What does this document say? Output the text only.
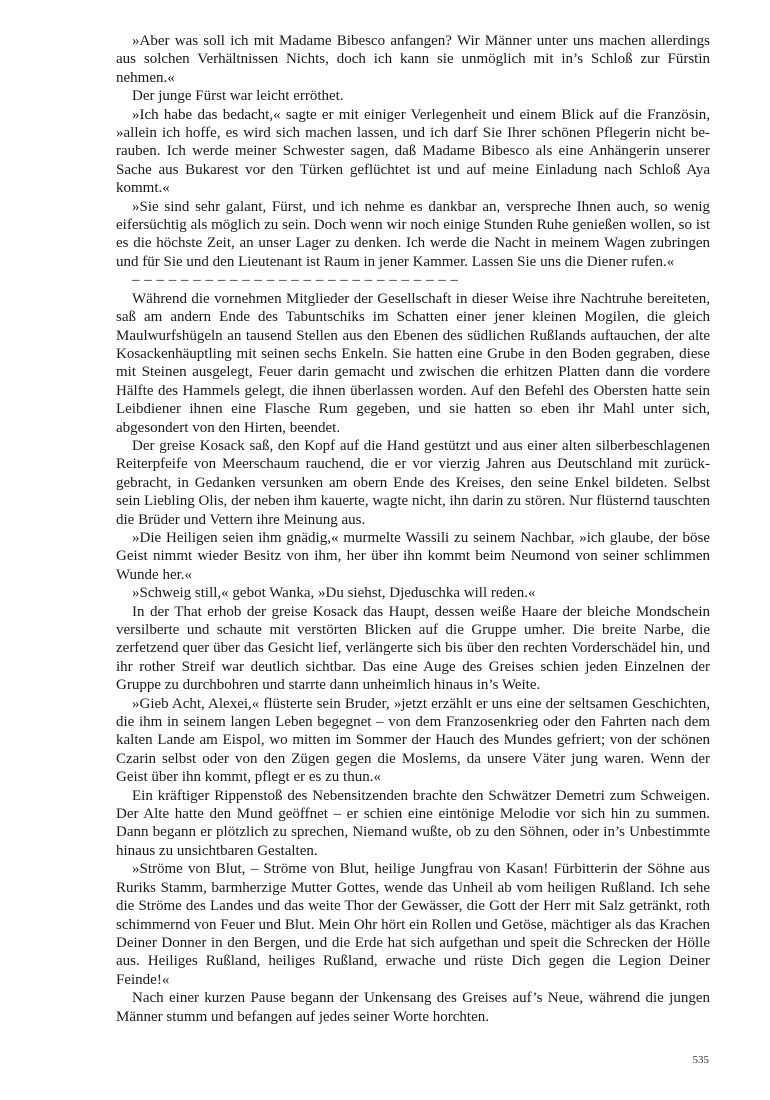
»Aber was soll ich mit Madame Bibesco anfangen? Wir Männer unter uns machen allerdings aus solchen Verhältnissen Nichts, doch ich kann sie unmöglich mit in’s Schloß zur Fürstin nehmen.«

Der junge Fürst war leicht erröthet.

»Ich habe das bedacht,« sagte er mit einiger Verlegenheit und einem Blick auf die Französin, »allein ich hoffe, es wird sich machen lassen, und ich darf Sie Ihrer schönen Pflegerin nicht berauben. Ich werde meiner Schwester sagen, daß Madame Bibesco als eine Anhängerin unserer Sache aus Bukarest vor den Türken geflüchtet ist und auf meine Einladung nach Schloß Aya kommt.«

»Sie sind sehr galant, Fürst, und ich nehme es dankbar an, verspreche Ihnen auch, so wenig eifersüchtig als möglich zu sein. Doch wenn wir noch einige Stunden Ruhe genießen wollen, so ist es die höchste Zeit, an unser Lager zu denken. Ich werde die Nacht in meinem Wagen zubringen und für Sie und den Lieutenant ist Raum in jener Kammer. Lassen Sie uns die Diener rufen.«

– – – – – – – – – – – – – – – – – – – – – – – – – – –

Während die vornehmen Mitglieder der Gesellschaft in dieser Weise ihre Nachtruhe bereiteten, saß am andern Ende des Tabuntschiks im Schatten einer jener kleinen Mogilen, die gleich Maulwurfshügeln an tausend Stellen aus den Ebenen des südlichen Rußlands auftauchen, der alte Kosackenhäuptling mit seinen sechs Enkeln. Sie hatten eine Grube in den Boden gegraben, diese mit Steinen ausgelegt, Feuer darin gemacht und zwischen die erhitzen Platten dann die vordere Hälfte des Hammels gelegt, die ihnen überlassen worden. Auf den Befehl des Obersten hatte sein Leibdiener ihnen eine Flasche Rum gegeben, und sie hatten so eben ihr Mahl unter sich, abgesondert von den Hirten, beendet.

Der greise Kosack saß, den Kopf auf die Hand gestützt und aus einer alten silberbeschlagenen Reiterpfeife von Meerschaum rauchend, die er vor vierzig Jahren aus Deutschland mit zurückgebracht, in Gedanken versunken am obern Ende des Kreises, den seine Enkel bildeten. Selbst sein Liebling Olis, der neben ihm kauerte, wagte nicht, ihn darin zu stören. Nur flüsternd tauschten die Brüder und Vettern ihre Meinung aus.

»Die Heiligen seien ihm gnädig,« murmelte Wassili zu seinem Nachbar, »ich glaube, der böse Geist nimmt wieder Besitz von ihm, her über ihn kommt beim Neumond von seiner schlimmen Wunde her.«

»Schweig still,« gebot Wanka, »Du siehst, Djeduschka will reden.«

In der That erhob der greise Kosack das Haupt, dessen weiße Haare der bleiche Mondschein versilberte und schaute mit verstörten Blicken auf die Gruppe umher. Die breite Narbe, die zerfetzend quer über das Gesicht lief, verlängerte sich bis über den rechten Vorderschädel hin, und ihr rother Streif war deutlich sichtbar. Das eine Auge des Greises schien jeden Einzelnen der Gruppe zu durchbohren und starrte dann unheimlich hinaus in’s Weite.

»Gieb Acht, Alexei,« flüsterte sein Bruder, »jetzt erzählt er uns eine der seltsamen Geschichten, die ihm in seinem langen Leben begegnet – von dem Franzosenkrieg oder den Fahrten nach dem kalten Lande am Eispol, wo mitten im Sommer der Hauch des Mundes gefriert; von der schönen Czarin selbst oder von den Zügen gegen die Moslems, da unsere Väter jung waren. Wenn der Geist über ihn kommt, pflegt er es zu thun.«

Ein kräftiger Rippenstoß des Nebensitzenden brachte den Schwätzer Demetri zum Schweigen. Der Alte hatte den Mund geöffnet – er schien eine eintönige Melodie vor sich hin zu summen. Dann begann er plötzlich zu sprechen, Niemand wußte, ob zu den Söhnen, oder in’s Unbestimmte hinaus zu unsichtbaren Gestalten.

»Ströme von Blut, – Ströme von Blut, heilige Jungfrau von Kasan! Fürbitterin der Söhne aus Ruriks Stamm, barmherzige Mutter Gottes, wende das Unheil ab vom heiligen Rußland. Ich sehe die Ströme des Landes und das weite Thor der Gewässer, die Gott der Herr mit Salz getränkt, roth schimmernd von Feuer und Blut. Mein Ohr hört ein Rollen und Getöse, mächtiger als das Krachen Deiner Donner in den Bergen, und die Erde hat sich aufgethan und speit die Schrecken der Hölle aus. Heiliges Rußland, heiliges Rußland, erwache und rüste Dich gegen die Legion Deiner Feinde!«

Nach einer kurzen Pause begann der Unkensang des Greises auf’s Neue, während die jungen Männer stumm und befangen auf jedes seiner Worte horchten.

535
